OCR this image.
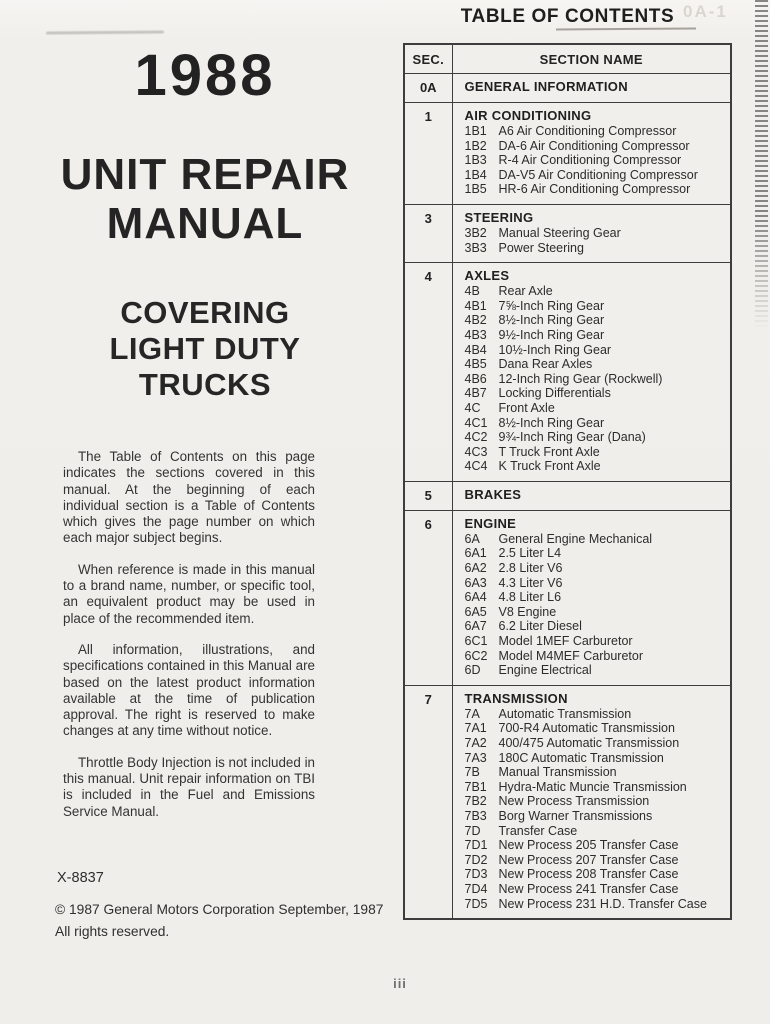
0A-1
1988
UNIT REPAIR
MANUAL
COVERING
LIGHT DUTY
TRUCKS

The Table of Contents on this page indicates the sections covered in this manual. At the beginning of each individual section is a Table of Contents which gives the page number on which each major subject begins.

When reference is made in this manual to a brand name, number, or specific tool, an equivalent product may be used in place of the recommended item.

All information, illustrations, and specifications contained in this Manual are based on the latest product information available at the time of publication approval. The right is reserved to make changes at any time without notice.

Throttle Body Injection is not included in this manual. Unit repair information on TBI is included in the Fuel and Emissions Service Manual.

X-8837
© 1987 General Motors Corporation September, 1987
All rights reserved.
TABLE OF CONTENTS
SEC.	SECTION NAME
0A	GENERAL INFORMATION

1	AIR CONDITIONING
1B1 A6 Air Conditioning Compressor
1B2 DA-6 Air Conditioning Compressor
1B3 R-4 Air Conditioning Compressor
1B4 DA-V5 Air Conditioning Compressor
1B5 HR-6 Air Conditioning Compressor

3	STEERING
3B2 Manual Steering Gear
3B3 Power Steering

4	AXLES
4B	Rear Axle
4B1 7⅝-Inch Ring Gear
4B2 8½-Inch Ring Gear
4B3 9½-Inch Ring Gear
4B4 10½-Inch Ring Gear
4B5 Dana Rear Axles
4B6 12-Inch Ring Gear (Rockwell)
4B7 Locking Differentials
4C	Front Axle
4C1 8½-Inch Ring Gear
4C2 9¾-Inch Ring Gear (Dana)
4C3 T Truck Front Axle
4C4 K Truck Front Axle

5	BRAKES

6	ENGINE
6A	General Engine Mechanical
6A1 2.5 Liter L4
6A2 2.8 Liter V6
6A3 4.3 Liter V6
6A4 4.8 Liter L6
6A5 V8 Engine
6A7 6.2 Liter Diesel
6C1 Model 1MEF Carburetor
6C2 Model M4MEF Carburetor
6D	Engine Electrical

7	TRANSMISSION
7A	Automatic Transmission
7A1 700-R4 Automatic Transmission
7A2 400/475 Automatic Transmission
7A3 180C Automatic Transmission
7B	Manual Transmission
7B1 Hydra-Matic Muncie Transmission
7B2 New Process Transmission
7B3 Borg Warner Transmissions
7D	Transfer Case
7D1 New Process 205 Transfer Case
7D2 New Process 207 Transfer Case
7D3 New Process 208 Transfer Case
7D4 New Process 241 Transfer Case
7D5 New Process 231 H.D. Transfer Case
iii
